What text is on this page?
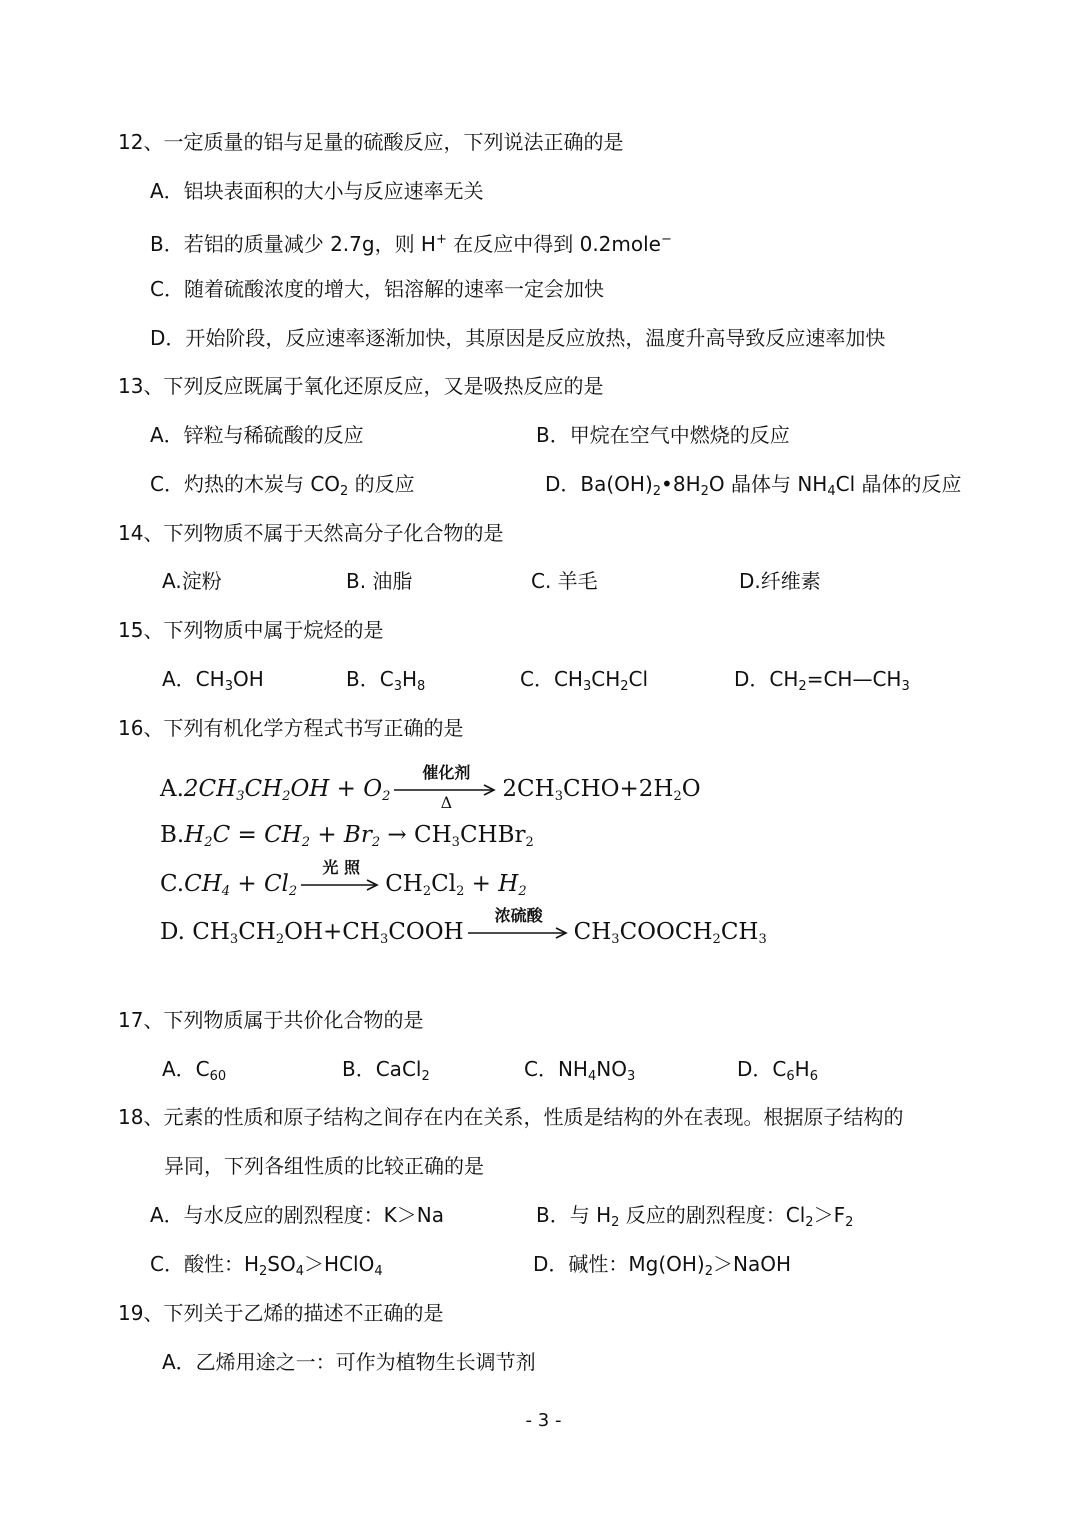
12、一定质量的铝与足量的硫酸反应，下列说法正确的是
A．铝块表面积的大小与反应速率无关
B．若铝的质量减少 2.7g，则 H+ 在反应中得到 0.2mole−
C．随着硫酸浓度的增大，铝溶解的速率一定会加快
D．开始阶段，反应速率逐渐加快，其原因是反应放热，温度升高导致反应速率加快
13、下列反应既属于氧化还原反应，又是吸热反应的是
A．锌粒与稀硫酸的反应	B．甲烷在空气中燃烧的反应
C．灼热的木炭与 $CO_2$ 的反应	D．$Ba(OH)_2•8H_2O$ 晶体与 $NH_4Cl$ 晶体的反应
14、下列物质不属于天然高分子化合物的是
A.淀粉	B. 油脂	C. 羊毛	D.纤维素
15、下列物质中属于烷烃的是
A．$CH_3OH$	B．$C_3H_8$	C．$CH_3CH_2Cl$	D．$CH_2=CH—CH_3$
16、下列有机化学方程式书写正确的是
$A.2CH_3CH_2OH + O_2$
催化剂
Δ
$2CH_3CHO+2H_2O$
$B.H_2C = CH_2 + Br_2$ → $CH_3CHBr_2$
$C.CH_4 + Cl_2$
光 照
$CH_2Cl_2 + H_2$
D. $CH_3CH_2OH+CH_3COOH$
浓硫酸
$CH_3COOCH_2CH_3$
17、下列物质属于共价化合物的是
A．$C_{60}$	B．CaCl$_2$	C．$NH_4NO_3$	D．$C_6H_6$
18、元素的性质和原子结构之间存在内在关系，性质是结构的外在表现。根据原子结构的
异同，下列各组性质的比较正确的是
A．与水反应的剧烈程度：K＞Na	B．与 $H_2$ 反应的剧烈程度：$Cl_2>F_2$
C．酸性：$H_2SO_4>HClO_4$	D．碱性：$Mg(OH)_2>NaOH$
19、下列关于乙烯的描述不正确的是
A．乙烯用途之一：可作为植物生长调节剂
- 3 -
